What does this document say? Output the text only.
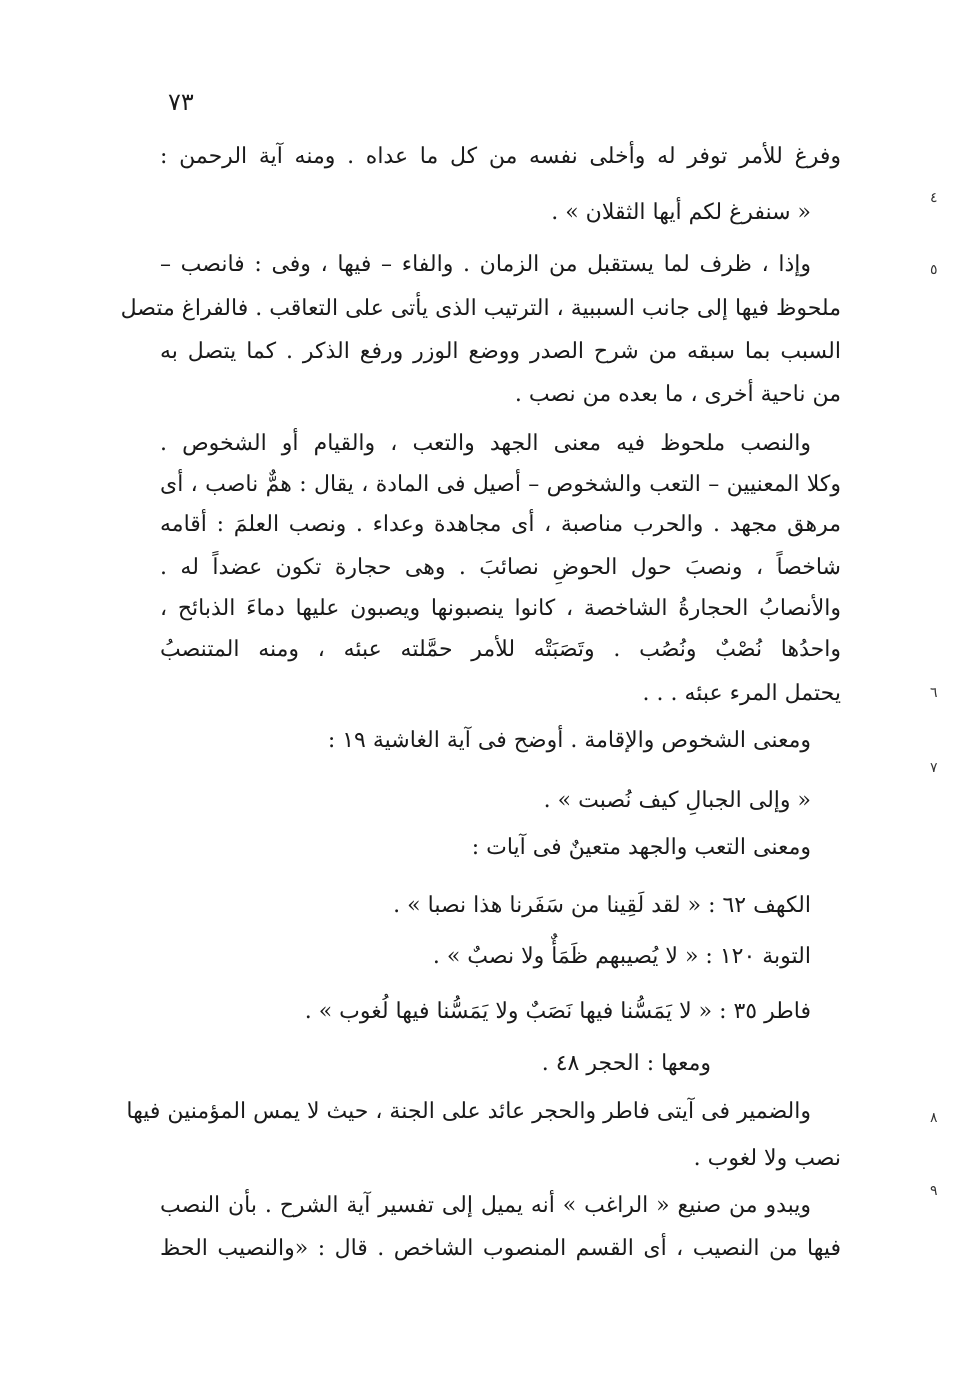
٧٣
وفرغ للأمر توفر له وأخلى نفسه من كل ما عداه . ومنه آية الرحمن :
« سنفرغ لكم أيها الثقلان » .
وإذا ، ظرف لما يستقبل من الزمان . والفاء – فيها ، وفى : فانصب –
ملحوظ فيها إلى جانب السببية ، الترتيب الذى يأتى على التعاقب . فالفراغ متصل
السبب بما سبقه من شرح الصدر ووضع الوزر ورفع الذكر . كما يتصل به
من ناحية أخرى ، ما بعده من نصب .
والنصب ملحوظ فيه معنى الجهد والتعب ، والقيام أو الشخوص .
وكلا المعنيين – التعب والشخوص – أصيل فى المادة ، يقال : همٌّ ناصب ، أى
مرهق مجهد . والحرب مناصبة ، أى مجاهدة وعداء . ونصب العلمَ : أقامه
شاخصاً ، ونصبَ حول الحوضِ نصائبَ . وهى حجارة تكون عضداً له .
والأنصابُ الحجارةُ الشاخصة ، كانوا ينصبونها ويصبون عليها دماءَ الذبائح ،
واحدُها نُصْبٌ ونُصُب . وتَصَبَتْه للأمر حمَّلته عبئه ، ومنه المتنصبُ
يحتمل المرء عبئه . . .
ومعنى الشخوص والإقامة . أوضح فى آية الغاشية ١٩ :
« وإلى الجبالِ كيف نُصبت » .
ومعنى التعب والجهد متعينٌ فى آيات :
الكهف ٦٢ : « لقد لَقِينا من سَفَرنا هذا نصبا » .
التوبة ١٢٠ : « لا يُصيبهم ظَمَأٌ ولا نصبٌ » .
فاطر ٣٥ : « لا يَمَسُّنا فيها نَصَبٌ ولا يَمَسُّنا فيها لُغوب » .
ومعها : الحجر ٤٨ .
والضمير فى آيتى فاطر والحجر عائد على الجنة ، حيث لا يمس المؤمنين فيها
نصب ولا لغوب .
ويبدو من صنيع « الراغب » أنه يميل إلى تفسير آية الشرح . بأن النصب
فيها من النصيب ، أى القسم المنصوب الشاخص . قال : «والنصيب الحظ
٤
٥
٦
٧
٨
٩
